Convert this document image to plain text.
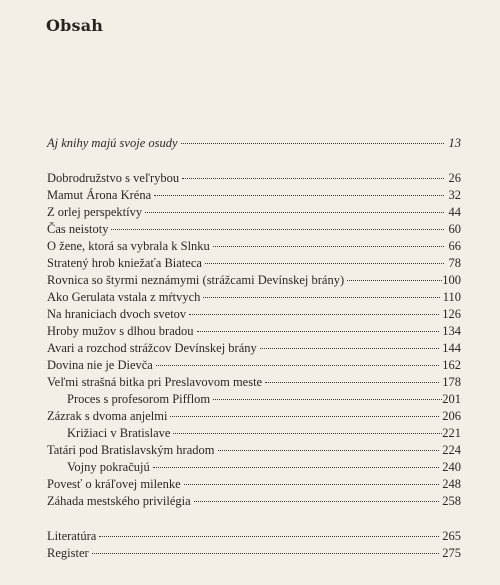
Obsah
Aj knihy majú svoje osudy	13
Dobrodružstvo s veľrybou	26
Mamut Árona Kréna	32
Z orlej perspektívy	44
Čas neistoty	60
O žene, ktorá sa vybrala k Slnku	66
Stratený hrob kniežaťa Biateca	78
Rovnica so štyrmi neznámymi (strážcami Devínskej brány)	100
Ako Gerulata vstala z mŕtvych	110
Na hraniciach dvoch svetov	126
Hroby mužov s dlhou bradou	134
Avari a rozchod strážcov Devínskej brány	144
Dovina nie je Dievča	162
Veľmi strašná bitka pri Preslavovom meste	178
Proces s profesorom Pifflom	201
Zázrak s dvoma anjelmi	206
Križiaci v Bratislave	221
Tatári pod Bratislavským hradom	224
Vojny pokračujú	240
Povesť o kráľovej milenke	248
Záhada mestského privilégia	258
Literatúra	265
Register	275
